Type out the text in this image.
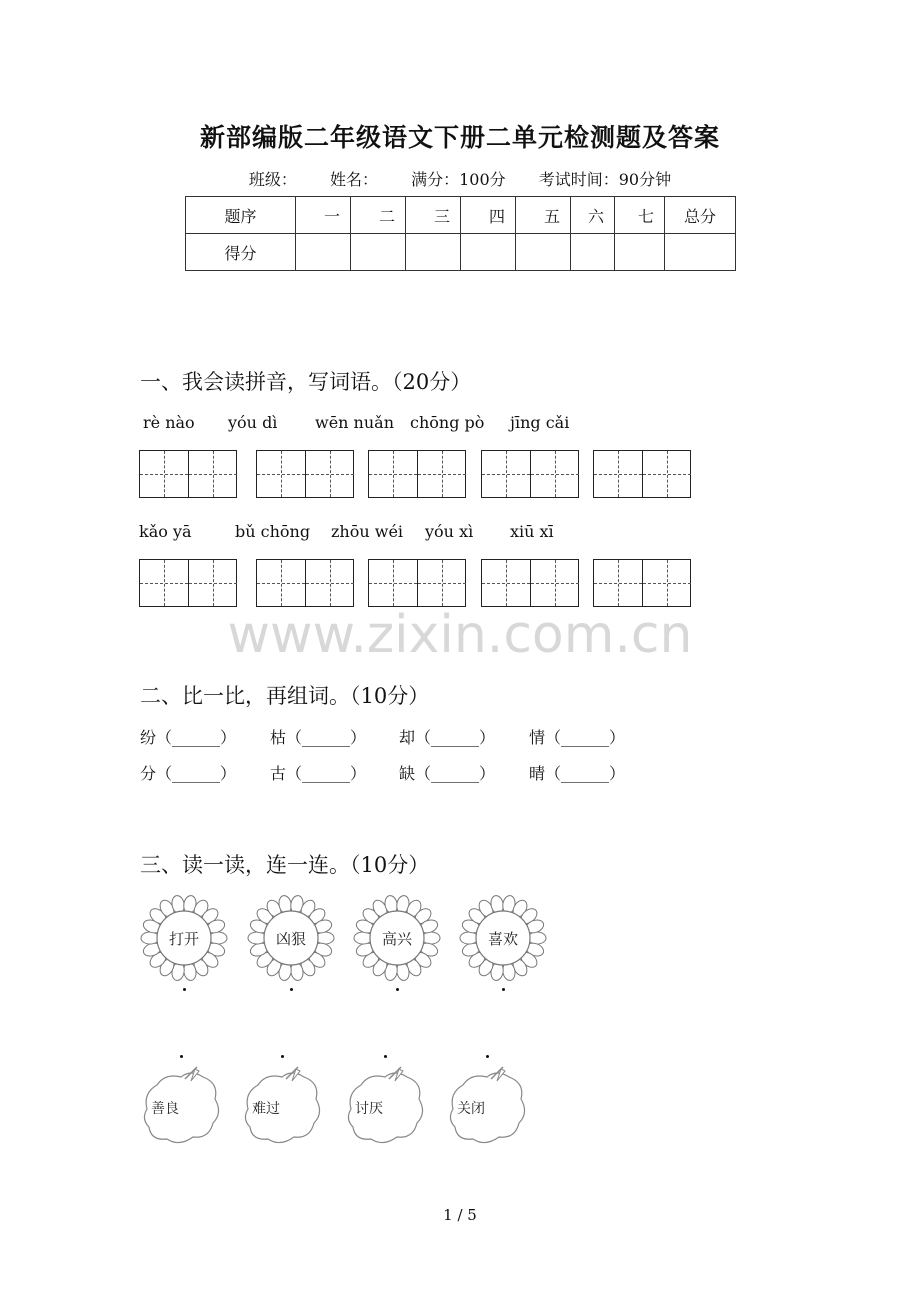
新部编版二年级语文下册二单元检测题及答案
班级： 姓名： 满分：100分 考试时间：90分钟
题序	一	二	三	四	五	六	七	总分
得分								
一、我会读拼音，写词语。（20分）
rè nào yóu dì wēn nuǎn chōng pò jīng cǎi
kǎo yā	bǔ chōng zhōu wéi yóu xì xiū xī
www.zixin.com.cn
二、比一比，再组词。（10分）
纷（______） 枯（______） 却（______） 情（______）
分（______） 古（______） 缺（______） 晴（______）
三、读一读，连一连。（10分）
1 / 5
打开	凶狠	高兴	喜欢
善良	难过	讨厌	关闭
